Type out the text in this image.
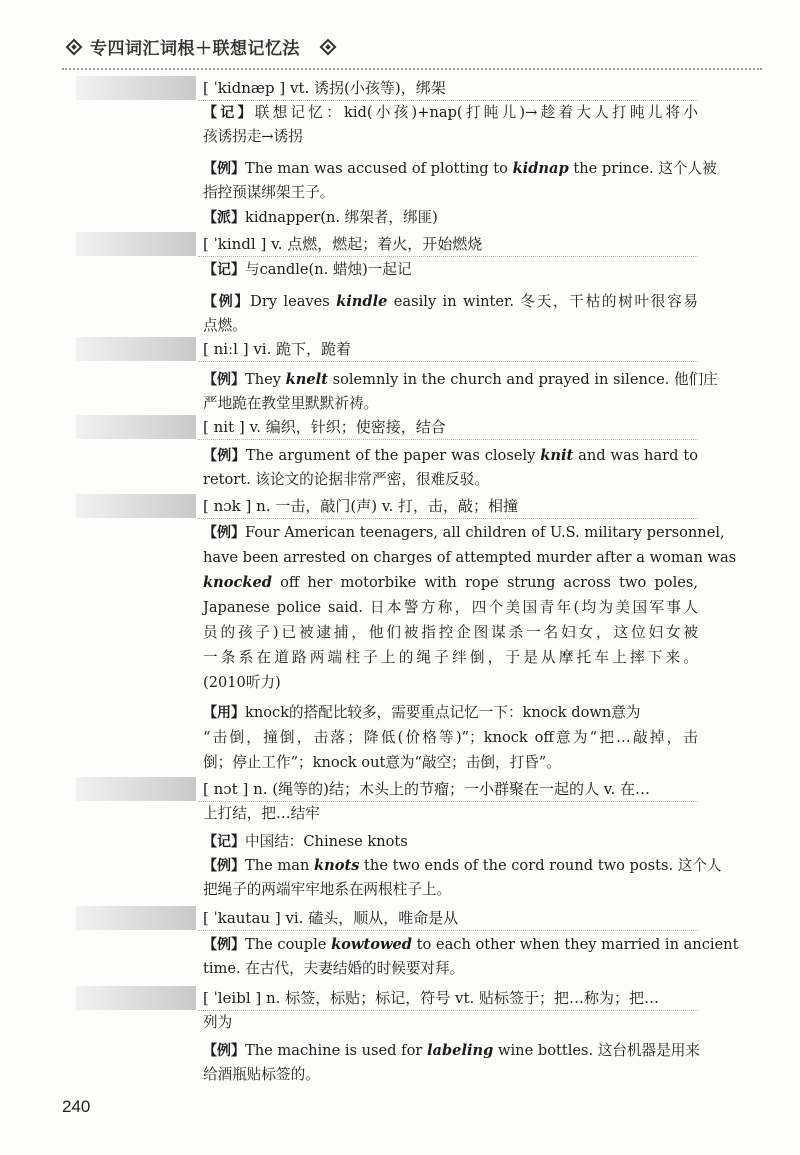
专四词汇词根＋联想记忆法
[ ˈkidnæp ] vt. 诱拐(小孩等)，绑架
【记】联想记忆：kid(小孩)+nap(打盹儿)→趁着大人打盹儿将小
孩诱拐走→诱拐
【例】The man was accused of plotting to kidnap the prince. 这个人被
指控预谋绑架王子。
【派】kidnapper(n. 绑架者，绑匪)
[ ˈkindl ] v. 点燃，燃起；着火，开始燃烧
【记】与candle(n. 蜡烛)一起记
【例】Dry leaves kindle easily in winter. 冬天，干枯的树叶很容易
点燃。
[ niːl ] vi. 跪下，跪着
【例】They knelt solemnly in the church and prayed in silence. 他们庄
严地跪在教堂里默默祈祷。
[ nit ] v. 编织，针织；使密接，结合
【例】The argument of the paper was closely knit and was hard to
retort. 该论文的论据非常严密，很难反驳。
[ nɔk ] n. 一击，敲门(声) v. 打，击，敲；相撞
【例】Four American teenagers, all children of U.S. military personnel,
have been arrested on charges of attempted murder after a woman was
knocked off her motorbike with rope strung across two poles,
Japanese police said. 日本警方称，四个美国青年(均为美国军事人
员的孩子)已被逮捕，他们被指控企图谋杀一名妇女，这位妇女被
一条系在道路两端柱子上的绳子绊倒，于是从摩托车上摔下来。
(2010听力)
【用】knock的搭配比较多，需要重点记忆一下：knock down意为
“击倒，撞倒，击落；降低(价格等)”；knock off意为“把…敲掉，击
倒；停止工作”；knock out意为“敲空；击倒，打昏”。
[ nɔt ] n. (绳等的)结；木头上的节瘤；一小群聚在一起的人 v. 在…
上打结，把…结牢
【记】中国结：Chinese knots
【例】The man knots the two ends of the cord round two posts. 这个人
把绳子的两端牢牢地系在两根柱子上。
[ ˈkautau ] vi. 磕头，顺从，唯命是从
【例】The couple kowtowed to each other when they married in ancient
time. 在古代，夫妻结婚的时候要对拜。
[ ˈleibl ] n. 标签，标贴；标记，符号 vt. 贴标签于；把…称为；把…
列为
【例】The machine is used for labeling wine bottles. 这台机器是用来
给酒瓶贴标签的。
240
